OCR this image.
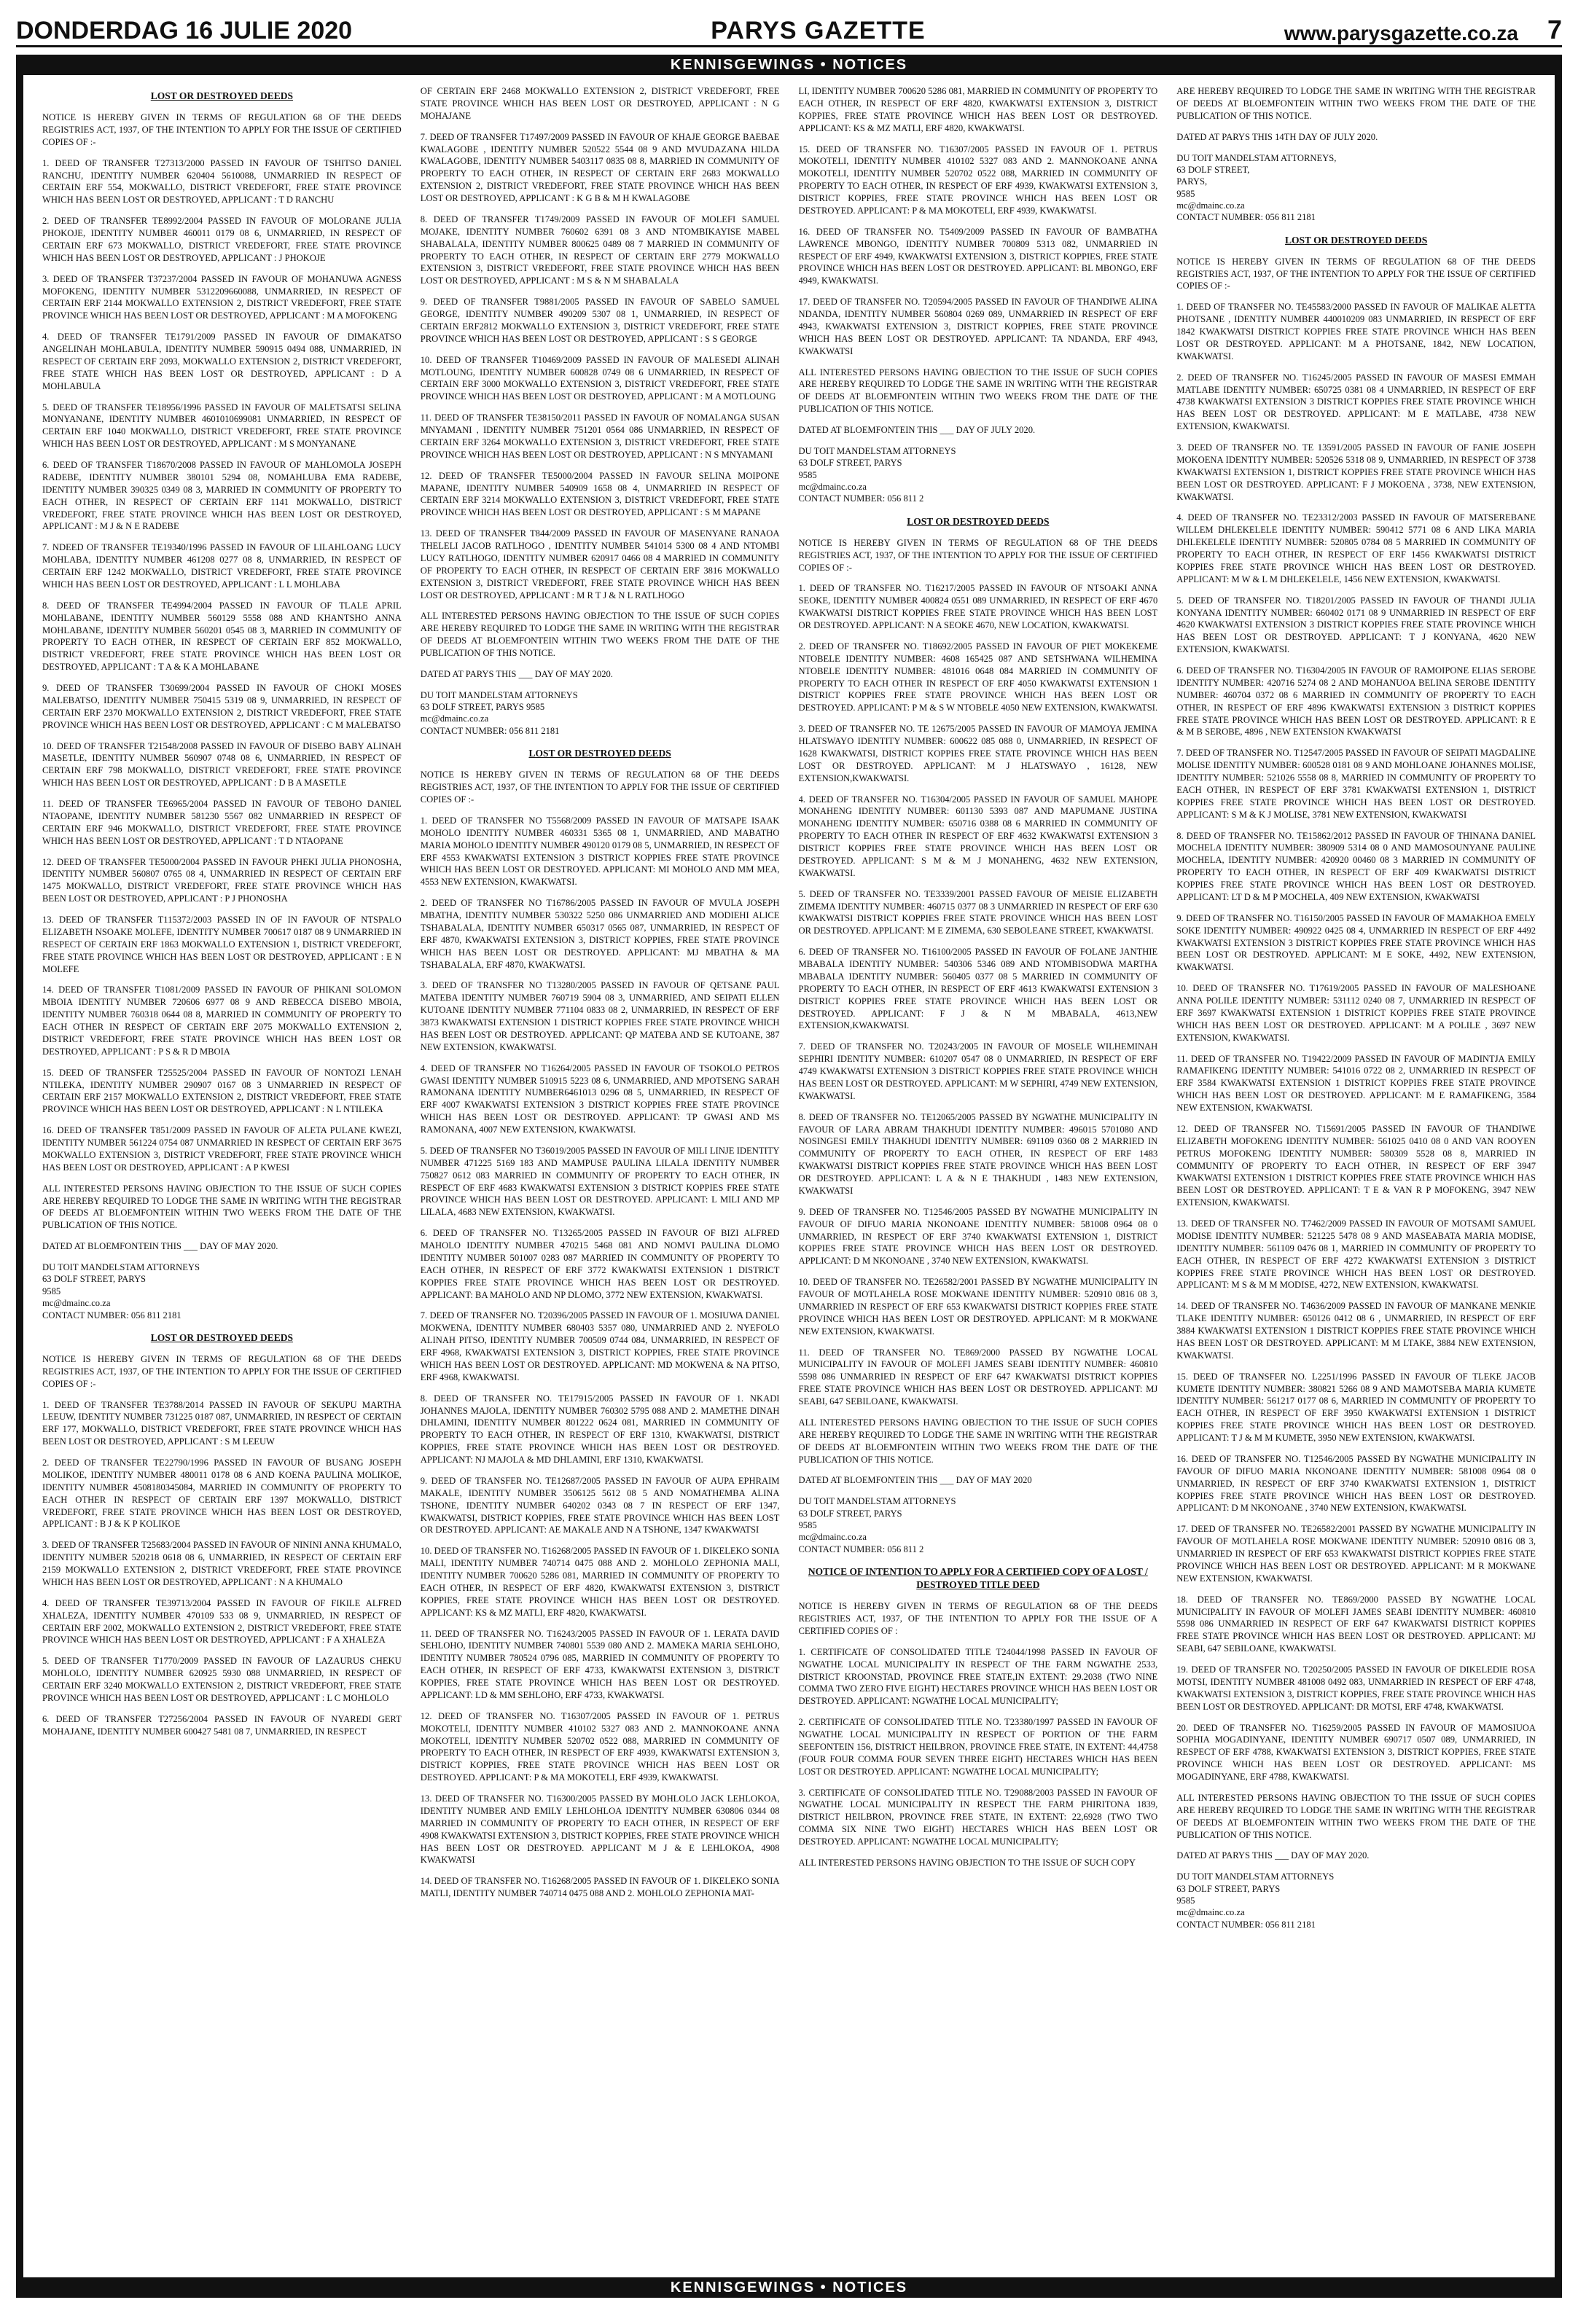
DONDERDAG 16 JULIE 2020	PARYS GAZETTE	www.parysgazette.co.za 7
KENNISGEWINGS • NOTICES
LOST OR DESTROYED DEEDS

NOTICE IS HEREBY GIVEN IN TERMS OF REGULATION 68 OF THE DEEDS REGISTRIES ACT, 1937, OF THE INTENTION TO APPLY FOR THE ISSUE OF CERTIFIED COPIES OF :-

1. DEED OF TRANSFER T27313/2000 PASSED IN FAVOUR OF TSHITSO DANIEL RANCHU, IDENTITY NUMBER 620404 5610088, UNMARRIED IN RESPECT OF CERTAIN ERF 554, MOKWALLO, DISTRICT VREDEFORT, FREE STATE PROVINCE WHICH HAS BEEN LOST OR DESTROYED, APPLICANT : T D RANCHU

2. DEED OF TRANSFER TE8992/2004 PASSED IN FAVOUR OF MOLORANE JULIA PHOKOJE, IDENTITY NUMBER 460011 0179 08 6, UNMARRIED, IN RESPECT OF CERTAIN ERF 673 MOKWALLO, DISTRICT VREDEFORT, FREE STATE PROVINCE WHICH HAS BEEN LOST OR DESTROYED, APPLICANT : J PHOKOJE

3. DEED OF TRANSFER T37237/2004 PASSED IN FAVOUR OF MOHANUWA AGNESS MOFOKENG, IDENTITY NUMBER 5312209660088, UNMARRIED, IN RESPECT OF CERTAIN ERF 2144 MOKWALLO EXTENSION 2, DISTRICT VREDEFORT, FREE STATE PROVINCE WHICH HAS BEEN LOST OR DESTROYED, APPLICANT : M A MOFOKENG

4. DEED OF TRANSFER TE1791/2009 PASSED IN FAVOUR OF DIMAKATSO ANGELINAH MOHLABULA, IDENTITY NUMBER 590915 0494 088, UNMARRIED, IN RESPECT OF CERTAIN ERF 2093, MOKWALLO EXTENSION 2, DISTRICT VREDEFORT, FREE STATE WHICH HAS BEEN LOST OR DESTROYED, APPLICANT : D A MOHLABULA

5. DEED OF TRANSFER TE18956/1996 PASSED IN FAVOUR OF MALETSATSI SELINA MONYANANE, IDENTITY NUMBER 4601010699081 UNMARRIED, IN RESPECT OF CERTAIN ERF 1040 MOKWALLO, DISTRICT VREDEFORT, FREE STATE PROVINCE WHICH HAS BEEN LOST OR DESTROYED, APPLICANT : M S MONYANANE

6. DEED OF TRANSFER T18670/2008 PASSED IN FAVOUR OF MAHLOMOLA JOSEPH RADEBE, IDENTITY NUMBER 380101 5294 08, NOMAHLUBA EMA RADEBE, IDENTITY NUMBER 390325 0349 08 3, MARRIED IN COMMUNITY OF PROPERTY TO EACH OTHER, IN RESPECT OF CERTAIN ERF 1141 MOKWALLO, DISTRICT VREDEFORT, FREE STATE PROVINCE WHICH HAS BEEN LOST OR DESTROYED, APPLICANT : M J & N E RADEBE

7. NDEED OF TRANSFER TE19340/1996 PASSED IN FAVOUR OF LILAHLOANG LUCY MOHLABA, IDENTITY NUMBER 461208 0277 08 8, UNMARRIED, IN RESPECT OF CERTAIN ERF 1242 MOKWALLO, DISTRICT VREDEFORT, FREE STATE PROVINCE WHICH HAS BEEN LOST OR DESTROYED, APPLICANT : L L MOHLABA

8. DEED OF TRANSFER TE4994/2004 PASSED IN FAVOUR OF TLALE APRIL MOHLABANE, IDENTITY NUMBER 560129 5558 088 AND KHANTSHO ANNA MOHLABANE, IDENTITY NUMBER 560201 0545 08 3, MARRIED IN COMMUNITY OF PROPERTY TO EACH OTHER, IN RESPECT OF CERTAIN ERF 852 MOKWALLO, DISTRICT VREDEFORT, FREE STATE PROVINCE WHICH HAS BEEN LOST OR DESTROYED, APPLICANT : T A & K A MOHLABANE

9. DEED OF TRANSFER T30699/2004 PASSED IN FAVOUR OF CHOKI MOSES MALEBATSO, IDENTITY NUMBER 750415 5319 08 9, UNMARRIED, IN RESPECT OF CERTAIN ERF 2370 MOKWALLO EXTENSION 2, DISTRICT VREDEFORT, FREE STATE PROVINCE WHICH HAS BEEN LOST OR DESTROYED, APPLICANT : C M MALEBATSO

10. DEED OF TRANSFER T21548/2008 PASSED IN FAVOUR OF DISEBO BABY ALINAH MASETLE, IDENTITY NUMBER 560907 0748 08 6, UNMARRIED, IN RESPECT OF CERTAIN ERF 798 MOKWALLO, DISTRICT VREDEFORT, FREE STATE PROVINCE WHICH HAS BEEN LOST OR DESTROYED, APPLICANT : D B A MASETLE

11. DEED OF TRANSFER TE6965/2004 PASSED IN FAVOUR OF TEBOHO DANIEL NTAOPANE, IDENTITY NUMBER 581230 5567 082 UNMARRIED IN RESPECT OF CERTAIN ERF 946 MOKWALLO, DISTRICT VREDEFORT, FREE STATE PROVINCE WHICH HAS BEEN LOST OR DESTROYED, APPLICANT : T D NTAOPANE

12. DEED OF TRANSFER TE5000/2004 PASSED IN FAVOUR PHEKI JULIA PHONOSHA, IDENTITY NUMBER 560807 0765 08 4, UNMARRIED IN RESPECT OF CERTAIN ERF 1475 MOKWALLO, DISTRICT VREDEFORT, FREE STATE PROVINCE WHICH HAS BEEN LOST OR DESTROYED, APPLICANT : P J PHONOSHA

13. DEED OF TRANSFER T115372/2003 PASSED IN OF IN FAVOUR OF NTSPALO ELIZABETH NSOAKE MOLEFE, IDENTITY NUMBER 700617 0187 08 9 UNMARRIED IN RESPECT OF CERTAIN ERF 1863 MOKWALLO EXTENSION 1, DISTRICT VREDEFORT, FREE STATE PROVINCE WHICH HAS BEEN LOST OR DESTROYED, APPLICANT : E N MOLEFE

14. DEED OF TRANSFER T1081/2009 PASSED IN FAVOUR OF PHIKANI SOLOMON MBOIA IDENTITY NUMBER 720606 6977 08 9 AND REBECCA DISEBO MBOIA, IDENTITY NUMBER 760318 0644 08 8, MARRIED IN COMMUNITY OF PROPERTY TO EACH OTHER IN RESPECT OF CERTAIN ERF 2075 MOKWALLO EXTENSION 2, DISTRICT VREDEFORT, FREE STATE PROVINCE WHICH HAS BEEN LOST OR DESTROYED, APPLICANT : P S & R D MBOIA

15. DEED OF TRANSFER T25525/2004 PASSED IN FAVOUR OF NONTOZI LENAH NTILEKA, IDENTITY NUMBER 290907 0167 08 3 UNMARRIED IN RESPECT OF CERTAIN ERF 2157 MOKWALLO EXTENSION 2, DISTRICT VREDEFORT, FREE STATE PROVINCE WHICH HAS BEEN LOST OR DESTROYED, APPLICANT : N L NTILEKA

16. DEED OF TRANSFER T851/2009 PASSED IN FAVOUR OF ALETA PULANE KWEZI, IDENTITY NUMBER 561224 0754 087 UNMARRIED IN RESPECT OF CERTAIN ERF 3675 MOKWALLO EXTENSION 3, DISTRICT VREDEFORT, FREE STATE PROVINCE WHICH HAS BEEN LOST OR DESTROYED, APPLICANT : A P KWESI

ALL INTERESTED PERSONS HAVING OBJECTION TO THE ISSUE OF SUCH COPIES ARE HEREBY REQUIRED TO LODGE THE SAME IN WRITING WITH THE REGISTRAR OF DEEDS AT BLOEMFONTEIN WITHIN TWO WEEKS FROM THE DATE OF THE PUBLICATION OF THIS NOTICE.

DATED AT BLOEMFONTEIN THIS ___ DAY OF MAY 2020.

DU TOIT MANDELSTAM ATTORNEYS
63 DOLF STREET, PARYS
9585
mc@dmainc.co.za
CONTACT NUMBER: 056 811 2181
LOST OR DESTROYED DEEDS

NOTICE IS HEREBY GIVEN IN TERMS OF REGULATION 68 OF THE DEEDS REGISTRIES ACT, 1937, OF THE INTENTION TO APPLY FOR THE ISSUE OF CERTIFIED COPIES OF :-

1. DEED OF TRANSFER TE3788/2014 PASSED IN FAVOUR OF SEKUPU MARTHA LEEUW, IDENTITY NUMBER 731225 0187 087, UNMARRIED, IN RESPECT OF CERTAIN ERF 177, MOKWALLO, DISTRICT VREDEFORT, FREE STATE PROVINCE WHICH HAS BEEN LOST OR DESTROYED, APPLICANT : S M LEEUW

2. DEED OF TRANSFER TE22790/1996 PASSED IN FAVOUR OF BUSANG JOSEPH MOLIKOE, IDENTITY NUMBER 480011 0178 08 6 AND KOENA PAULINA MOLIKOE, IDENTITY NUMBER 4508180345084, MARRIED IN COMMUNITY OF PROPERTY TO EACH OTHER IN RESPECT OF CERTAIN ERF 1397 MOKWALLO, DISTRICT VREDEFORT, FREE STATE PROVINCE WHICH HAS BEEN LOST OR DESTROYED, APPLICANT : B J & K P KOLIKOE

3. DEED OF TRANSFER T25683/2004 PASSED IN FAVOUR OF NININI ANNA KHUMALO, IDENTITY NUMBER 520218 0618 08 6, UNMARRIED, IN RESPECT OF CERTAIN ERF 2159 MOKWALLO EXTENSION 2, DISTRICT VREDEFORT, FREE STATE PROVINCE WHICH HAS BEEN LOST OR DESTROYED, APPLICANT : N A KHUMALO

4. DEED OF TRANSFER TE39713/2004 PASSED IN FAVOUR OF FIKILE ALFRED XHALEZA, IDENTITY NUMBER 470109 533 08 9, UNMARRIED, IN RESPECT OF CERTAIN ERF 2002, MOKWALLO EXTENSION 2, DISTRICT VREDEFORT, FREE STATE PROVINCE WHICH HAS BEEN LOST OR DESTROYED, APPLICANT : F A XHALEZA

5. DEED OF TRANSFER T1770/2009 PASSED IN FAVOUR OF LAZAURUS CHEKU MOHLOLO, IDENTITY NUMBER 620925 5930 088 UNMARRIED, IN RESPECT OF CERTAIN ERF 3240 MOKWALLO EXTENSION 2, DISTRICT VREDEFORT, FREE STATE PROVINCE WHICH HAS BEEN LOST OR DESTROYED, APPLICANT : L C MOHLOLO

6. DEED OF TRANSFER T27256/2004 PASSED IN FAVOUR OF NYAREDI GERT MOHAJANE, IDENTITY NUMBER 600427 5481 08 7, UNMARRIED, IN RESPECT

OF CERTAIN ERF 2468 MOKWALLO EXTENSION 2, DISTRICT VREDEFORT, FREE STATE PROVINCE WHICH HAS BEEN LOST OR DESTROYED, APPLICANT : N G MOHAJANE

7. DEED OF TRANSFER T17497/2009 PASSED IN FAVOUR OF KHAJE GEORGE BAEBAE KWALAGOBE , IDENTITY NUMBER 520522 5544 08 9 AND MVUDAZANA HILDA KWALAGOBE, IDENTITY NUMBER 5403117 0835 08 8, MARRIED IN COMMUNITY OF PROPERTY TO EACH OTHER, IN RESPECT OF CERTAIN ERF 2683 MOKWALLO EXTENSION 2, DISTRICT VREDEFORT, FREE STATE PROVINCE WHICH HAS BEEN LOST OR DESTROYED, APPLICANT : K G B & M H KWALAGOBE

8. DEED OF TRANSFER T1749/2009 PASSED IN FAVOUR OF MOLEFI SAMUEL MOJAKE, IDENTITY NUMBER 760602 6391 08 3 AND NTOMBIKAYISE MABEL SHABALALA, IDENTITY NUMBER 800625 0489 08 7 MARRIED IN COMMUNITY OF PROPERTY TO EACH OTHER, IN RESPECT OF CERTAIN ERF 2779 MOKWALLO EXTENSION 3, DISTRICT VREDEFORT, FREE STATE PROVINCE WHICH HAS BEEN LOST OR DESTROYED, APPLICANT : M S & N M SHABALALA

9. DEED OF TRANSFER T9881/2005 PASSED IN FAVOUR OF SABELO SAMUEL GEORGE, IDENTITY NUMBER 490209 5307 08 1, UNMARRIED, IN RESPECT OF CERTAIN ERF2812 MOKWALLO EXTENSION 3, DISTRICT VREDEFORT, FREE STATE PROVINCE WHICH HAS BEEN LOST OR DESTROYED, APPLICANT : S S GEORGE

10. DEED OF TRANSFER T10469/2009 PASSED IN FAVOUR OF MALESEDI ALINAH MOTLOUNG, IDENTITY NUMBER 600828 0749 08 6 UNMARRIED, IN RESPECT OF CERTAIN ERF 3000 MOKWALLO EXTENSION 3, DISTRICT VREDEFORT, FREE STATE PROVINCE WHICH HAS BEEN LOST OR DESTROYED, APPLICANT : M A MOTLOUNG

11. DEED OF TRANSFER TE38150/2011 PASSED IN FAVOUR OF NOMALANGA SUSAN MNYAMANI , IDENTITY NUMBER 751201 0564 086 UNMARRIED, IN RESPECT OF CERTAIN ERF 3264 MOKWALLO EXTENSION 3, DISTRICT VREDEFORT, FREE STATE PROVINCE WHICH HAS BEEN LOST OR DESTROYED, APPLICANT : N S MNYAMANI

12. DEED OF TRANSFER TE5000/2004 PASSED IN FAVOUR SELINA MOIPONE MAPANE, IDENTITY NUMBER 540909 1658 08 4, UNMARRIED IN RESPECT OF CERTAIN ERF 3214 MOKWALLO EXTENSION 3, DISTRICT VREDEFORT, FREE STATE PROVINCE WHICH HAS BEEN LOST OR DESTROYED, APPLICANT : S M MAPANE

13. DEED OF TRANSFER T844/2009 PASSED IN FAVOUR OF MASENYANE RANAOA THELELI JACOB RATLHOGO , IDENTITY NUMBER 541014 5300 08 4 AND NTOMBI LUCY RATLHOGO, IDENTITY NUMBER 620917 0466 08 4 MARRIED IN COMMUNITY OF PROPERTY TO EACH OTHER, IN RESPECT OF CERTAIN ERF 3816 MOKWALLO EXTENSION 3, DISTRICT VREDEFORT, FREE STATE PROVINCE WHICH HAS BEEN LOST OR DESTROYED, APPLICANT : M R T J & N L RATLHOGO

ALL INTERESTED PERSONS HAVING OBJECTION TO THE ISSUE OF SUCH COPIES ARE HEREBY REQUIRED TO LODGE THE SAME IN WRITING WITH THE REGISTRAR OF DEEDS AT BLOEMFONTEIN WITHIN TWO WEEKS FROM THE DATE OF THE PUBLICATION OF THIS NOTICE.

DATED AT PARYS THIS ___ DAY OF MAY 2020.

DU TOIT MANDELSTAM ATTORNEYS
63 DOLF STREET, PARYS 9585
mc@dmainc.co.za
CONTACT NUMBER: 056 811 2181
LOST OR DESTROYED DEEDS

NOTICE IS HEREBY GIVEN IN TERMS OF REGULATION 68 OF THE DEEDS REGISTRIES ACT, 1937, OF THE INTENTION TO APPLY FOR THE ISSUE OF CERTIFIED COPIES OF :-

1. DEED OF TRANSFER NO T5568/2009 PASSED IN FAVOUR OF MATSAPE ISAAK MOHOLO IDENTITY NUMBER 460331 5365 08 1, UNMARRIED, AND MABATHO MARIA MOHOLO IDENTITY NUMBER 490120 0179 08 5, UNMARRIED, IN RESPECT OF ERF 4553 KWAKWATSI EXTENSION 3 DISTRICT KOPPIES FREE STATE PROVINCE WHICH HAS BEEN LOST OR DESTROYED. APPLICANT: MI MOHOLO AND MM MEA, 4553 NEW EXTENSION, KWAKWATSI.

2. DEED OF TRANSFER NO T16786/2005 PASSED IN FAVOUR OF MVULA JOSEPH MBATHA, IDENTITY NUMBER 530322 5250 086 UNMARRIED AND MODIEHI ALICE TSHABALALA, IDENTITY NUMBER 650317 0565 087, UNMARRIED, IN RESPECT OF ERF 4870, KWAKWATSI EXTENSION 3, DISTRICT KOPPIES, FREE STATE PROVINCE WHICH HAS BEEN LOST OR DESTROYED. APPLICANT: MJ MBATHA & MA TSHABALALA, ERF 4870, KWAKWATSI.

3. DEED OF TRANSFER NO T13280/2005 PASSED IN FAVOUR OF QETSANE PAUL MATEBA IDENTITY NUMBER 760719 5904 08 3, UNMARRIED, AND SEIPATI ELLEN KUTOANE IDENTITY NUMBER 771104 0833 08 2, UNMARRIED, IN RESPECT OF ERF 3873 KWAKWATSI EXTENSION 1 DISTRICT KOPPIES FREE STATE PROVINCE WHICH HAS BEEN LOST OR DESTROYED. APPLICANT: QP MATEBA AND SE KUTOANE, 387 NEW EXTENSION, KWAKWATSI.

4. DEED OF TRANSFER NO T16264/2005 PASSED IN FAVOUR OF TSOKOLO PETROS GWASI IDENTITY NUMBER 510915 5223 08 6, UNMARRIED, AND MPOTSENG SARAH RAMONANA IDENTITY NUMBER6461013 0296 08 5, UNMARRIED, IN RESPECT OF ERF 4007 KWAKWATSI EXTENSION 3 DISTRICT KOPPIES FREE STATE PROVINCE WHICH HAS BEEN LOST OR DESTROYED. APPLICANT: TP GWASI AND MS RAMONANA, 4007 NEW EXTENSION, KWAKWATSI.

5. DEED OF TRANSFER NO T36019/2005 PASSED IN FAVOUR OF MILI LINJE IDENTITY NUMBER 471225 5169 183 AND MAMPUSE PAULINA LILALA IDENTITY NUMBER 750827 0612 083 MARRIED IN COMMUNITY OF PROPERTY TO EACH OTHER, IN RESPECT OF ERF 4683 KWAKWATSI EXTENSION 3 DISTRICT KOPPIES FREE STATE PROVINCE WHICH HAS BEEN LOST OR DESTROYED. APPLICANT: L MILI AND MP LILALA, 4683 NEW EXTENSION, KWAKWATSI.

6. DEED OF TRANSFER NO. T13265/2005 PASSED IN FAVOUR OF BIZI ALFRED MAHOLO IDENTITY NUMBER 470215 5468 081 AND NOMVI PAULINA DLOMO IDENTITY NUMBER 501007 0283 087 MARRIED IN COMMUNITY OF PROPERTY TO EACH OTHER, IN RESPECT OF ERF 3772 KWAKWATSI EXTENSION 1 DISTRICT KOPPIES FREE STATE PROVINCE WHICH HAS BEEN LOST OR DESTROYED. APPLICANT: BA MAHOLO AND NP DLOMO, 3772 NEW EXTENSION, KWAKWATSI.

7. DEED OF TRANSFER NO. T20396/2005 PASSED IN FAVOUR OF 1. MOSIUWA DANIEL MOKWENA, IDENTITY NUMBER 680403 5357 080, UNMARRIED AND 2. NYEFOLO ALINAH PITSO, IDENTITY NUMBER 700509 0744 084, UNMARRIED, IN RESPECT OF ERF 4968, KWAKWATSI EXTENSION 3, DISTRICT KOPPIES, FREE STATE PROVINCE WHICH HAS BEEN LOST OR DESTROYED. APPLICANT: MD MOKWENA & NA PITSO, ERF 4968, KWAKWATSI.

8. DEED OF TRANSFER NO. TE17915/2005 PASSED IN FAVOUR OF 1. NKADI JOHANNES MAJOLA, IDENTITY NUMBER 760302 5795 088 AND 2. MAMETHE DINAH DHLAMINI, IDENTITY NUMBER 801222 0624 081, MARRIED IN COMMUNITY OF PROPERTY TO EACH OTHER, IN RESPECT OF ERF 1310, KWAKWATSI, DISTRICT KOPPIES, FREE STATE PROVINCE WHICH HAS BEEN LOST OR DESTROYED. APPLICANT: NJ MAJOLA & MD DHLAMINI, ERF 1310, KWAKWATSI.

9. DEED OF TRANSFER NO. TE12687/2005 PASSED IN FAVOUR OF AUPA EPHRAIM MAKALE, IDENTITY NUMBER 3506125 5612 08 5 AND NOMATHEMBA ALINA TSHONE, IDENTITY NUMBER 640202 0343 08 7 IN RESPECT OF ERF 1347, KWAKWATSI, DISTRICT KOPPIES, FREE STATE PROVINCE WHICH HAS BEEN LOST OR DESTROYED. APPLICANT: AE MAKALE AND N A TSHONE, 1347 KWAKWATSI

10. DEED OF TRANSFER NO. T16268/2005 PASSED IN FAVOUR OF 1. DIKELEKO SONIA MALI, IDENTITY NUMBER 740714 0475 088 AND 2. MOHLOLO ZEPHONIA MALI, IDENTITY NUMBER 700620 5286 081, MARRIED IN COMMUNITY OF PROPERTY TO EACH OTHER, IN RESPECT OF ERF 4820, KWAKWATSI EXTENSION 3, DISTRICT KOPPIES, FREE STATE PROVINCE WHICH HAS BEEN LOST OR DESTROYED. APPLICANT: KS & MZ MATLI, ERF 4820, KWAKWATSI.

11. DEED OF TRANSFER NO. T16243/2005 PASSED IN FAVOUR OF 1. LERATA DAVID SEHLOHO, IDENTITY NUMBER 740801 5539 080 AND 2. MAMEKA MARIA SEHLOHO, IDENTITY NUMBER 780524 0796 085, MARRIED IN COMMUNITY OF PROPERTY TO EACH OTHER, IN RESPECT OF ERF 4733, KWAKWATSI EXTENSION 3, DISTRICT KOPPIES, FREE STATE PROVINCE WHICH HAS BEEN LOST OR DESTROYED. APPLICANT: LD & MM SEHLOHO, ERF 4733, KWAKWATSI.

12. DEED OF TRANSFER NO. T16307/2005 PASSED IN FAVOUR OF 1. PETRUS MOKOTELI, IDENTITY NUMBER 410102 5327 083 AND 2. MANNOKOANE ANNA MOKOTELI, IDENTITY NUMBER 520702 0522 088, MARRIED IN COMMUNITY OF PROPERTY TO EACH OTHER, IN RESPECT OF ERF 4939, KWAKWATSI EXTENSION 3, DISTRICT KOPPIES, FREE STATE PROVINCE WHICH HAS BEEN LOST OR DESTROYED. APPLICANT: P & MA MOKOTELI, ERF 4939, KWAKWATSI.

13. DEED OF TRANSFER NO. T16300/2005 PASSED BY MOHLOLO JACK LEHLOKOA, IDENTITY NUMBER AND EMILY LEHLOHLOA IDENTITY NUMBER 630806 0344 08 MARRIED IN COMMUNITY OF PROPERTY TO EACH OTHER, IN RESPECT OF ERF 4908 KWAKWATSI EXTENSION 3, DISTRICT KOPPIES, FREE STATE PROVINCE WHICH HAS BEEN LOST OR DESTROYED. APPLICANT M J & E LEHLOKOA, 4908 KWAKWATSI

14. DEED OF TRANSFER NO. T16268/2005 PASSED IN FAVOUR OF 1. DIKELEKO SONIA MATLI, IDENTITY NUMBER 740714 0475 088 AND 2. MOHLOLO ZEPHONIA MAT-

LI, IDENTITY NUMBER 700620 5286 081, MARRIED IN COMMUNITY OF PROPERTY TO EACH OTHER, IN RESPECT OF ERF 4820, KWAKWATSI EXTENSION 3, DISTRICT KOPPIES, FREE STATE PROVINCE WHICH HAS BEEN LOST OR DESTROYED. APPLICANT: KS & MZ MATLI, ERF 4820, KWAKWATSI.

15. DEED OF TRANSFER NO. T16307/2005 PASSED IN FAVOUR OF 1. PETRUS MOKOTELI, IDENTITY NUMBER 410102 5327 083 AND 2. MANNOKOANE ANNA MOKOTELI, IDENTITY NUMBER 520702 0522 088, MARRIED IN COMMUNITY OF PROPERTY TO EACH OTHER, IN RESPECT OF ERF 4939, KWAKWATSI EXTENSION 3, DISTRICT KOPPIES, FREE STATE PROVINCE WHICH HAS BEEN LOST OR DESTROYED. APPLICANT: P & MA MOKOTELI, ERF 4939, KWAKWATSI.

16. DEED OF TRANSFER NO. T5409/2009 PASSED IN FAVOUR OF BAMBATHA LAWRENCE MBONGO, IDENTITY NUMBER 700809 5313 082, UNMARRIED IN RESPECT OF ERF 4949, KWAKWATSI EXTENSION 3, DISTRICT KOPPIES, FREE STATE PROVINCE WHICH HAS BEEN LOST OR DESTROYED. APPLICANT: BL MBONGO, ERF 4949, KWAKWATSI.

17. DEED OF TRANSFER NO. T20594/2005 PASSED IN FAVOUR OF THANDIWE ALINA NDANDA, IDENTITY NUMBER 560804 0269 089, UNMARRIED IN RESPECT OF ERF 4943, KWAKWATSI EXTENSION 3, DISTRICT KOPPIES, FREE STATE PROVINCE WHICH HAS BEEN LOST OR DESTROYED. APPLICANT: TA NDANDA, ERF 4943, KWAKWATSI

ALL INTERESTED PERSONS HAVING OBJECTION TO THE ISSUE OF SUCH COPIES ARE HEREBY REQUIRED TO LODGE THE SAME IN WRITING WITH THE REGISTRAR OF DEEDS AT BLOEMFONTEIN WITHIN TWO WEEKS FROM THE DATE OF THE PUBLICATION OF THIS NOTICE.

DATED AT BLOEMFONTEIN THIS ___ DAY OF JULY 2020.

DU TOIT MANDELSTAM ATTORNEYS
63 DOLF STREET, PARYS
9585
mc@dmainc.co.za
CONTACT NUMBER: 056 811 2
LOST OR DESTROYED DEEDS

NOTICE IS HEREBY GIVEN IN TERMS OF REGULATION 68 OF THE DEEDS REGISTRIES ACT, 1937, OF THE INTENTION TO APPLY FOR THE ISSUE OF CERTIFIED COPIES OF :-

1. DEED OF TRANSFER NO. T16217/2005 PASSED IN FAVOUR OF NTSOAKI ANNA SEOKE, IDENTITY NUMBER 400824 0551 089 UNMARRIED, IN RESPECT OF ERF 4670 KWAKWATSI DISTRICT KOPPIES FREE STATE PROVINCE WHICH HAS BEEN LOST OR DESTROYED. APPLICANT: N A SEOKE 4670, NEW LOCATION, KWAKWATSI.

2. DEED OF TRANSFER NO. T18692/2005 PASSED IN FAVOUR OF PIET MOKEKEME NTOBELE IDENTITY NUMBER: 4608 165425 087 AND SETSHWANA WILHEMINA NTOBELE IDENTITY NUMBER: 481016 0648 084 MARRIED IN COMMUNITY OF PROPERTY TO EACH OTHER IN RESPECT OF ERF 4050 KWAKWATSI EXTENSION 1 DISTRICT KOPPIES FREE STATE PROVINCE WHICH HAS BEEN LOST OR DESTROYED. APPLICANT: P M & S W NTOBELE 4050 NEW EXTENSION, KWAKWATSI.

3. DEED OF TRANSFER NO. TE 12675/2005 PASSED IN FAVOUR OF MAMOYA JEMINA HLATSWAYO IDENTITY NUMBER: 600622 085 088 0, UNMARRIED, IN RESPECT OF 1628 KWAKWATSI, DISTRICT KOPPIES FREE STATE PROVINCE WHICH HAS BEEN LOST OR DESTROYED. APPLICANT: M J HLATSWAYO , 16128, NEW EXTENSION,KWAKWATSI.

4. DEED OF TRANSFER NO. T16304/2005 PASSED IN FAVOUR OF SAMUEL MAHOPE MONAHENG IDENTITY NUMBER: 601130 5393 087 AND MAPUMANE JUSTINA MONAHENG IDENTITY NUMBER: 650716 0388 08 6 MARRIED IN COMMUNITY OF PROPERTY TO EACH OTHER IN RESPECT OF ERF 4632 KWAKWATSI EXTENSION 3 DISTRICT KOPPIES FREE STATE PROVINCE WHICH HAS BEEN LOST OR DESTROYED. APPLICANT: S M & M J MONAHENG, 4632 NEW EXTENSION, KWAKWATSI.

5. DEED OF TRANSFER NO. TE3339/2001 PASSED FAVOUR OF MEISIE ELIZABETH ZIMEMA IDENTITY NUMBER: 460715 0377 08 3 UNMARRIED IN RESPECT OF ERF 630 KWAKWATSI DISTRICT KOPPIES FREE STATE PROVINCE WHICH HAS BEEN LOST OR DESTROYED. APPLICANT: M E ZIMEMA, 630 SEBOLEANE STREET, KWAKWATSI.

6. DEED OF TRANSFER NO. T16100/2005 PASSED IN FAVOUR OF FOLANE JANTHIE MBABALA IDENTITY NUMBER: 540306 5346 089 AND NTOMBISODWA MARTHA MBABALA IDENTITY NUMBER: 560405 0377 08 5 MARRIED IN COMMUNITY OF PROPERTY TO EACH OTHER, IN RESPECT OF ERF 4613 KWAKWATSI EXTENSION 3 DISTRICT KOPPIES FREE STATE PROVINCE WHICH HAS BEEN LOST OR DESTROYED. APPLICANT: F J & N M MBABALA, 4613,NEW EXTENSION,KWAKWATSI.

7. DEED OF TRANSFER NO. T20243/2005 IN FAVOUR OF MOSELE WILHEMINAH SEPHIRI IDENTITY NUMBER: 610207 0547 08 0 UNMARRIED, IN RESPECT OF ERF 4749 KWAKWATSI EXTENSION 3 DISTRICT KOPPIES FREE STATE PROVINCE WHICH HAS BEEN LOST OR DESTROYED. APPLICANT: M W SEPHIRI, 4749 NEW EXTENSION, KWAKWATSI.

8. DEED OF TRANSFER NO. TE12065/2005 PASSED BY NGWATHE MUNICIPALITY IN FAVOUR OF LARA ABRAM THAKHUDI IDENTITY NUMBER: 496015 5701080 AND NOSINGESI EMILY THAKHUDI IDENTITY NUMBER: 691109 0360 08 2 MARRIED IN COMMUNITY OF PROPERTY TO EACH OTHER, IN RESPECT OF ERF 1483 KWAKWATSI DISTRICT KOPPIES FREE STATE PROVINCE WHICH HAS BEEN LOST OR DESTROYED. APPLICANT: L A & N E THAKHUDI , 1483 NEW EXTENSION, KWAKWATSI

9. DEED OF TRANSFER NO. T12546/2005 PASSED BY NGWATHE MUNICIPALITY IN FAVOUR OF DIFUO MARIA NKONOANE IDENTITY NUMBER: 581008 0964 08 0 UNMARRIED, IN RESPECT OF ERF 3740 KWAKWATSI EXTENSION 1, DISTRICT KOPPIES FREE STATE PROVINCE WHICH HAS BEEN LOST OR DESTROYED. APPLICANT: D M NKONOANE , 3740 NEW EXTENSION, KWAKWATSI.

10. DEED OF TRANSFER NO. TE26582/2001 PASSED BY NGWATHE MUNICIPALITY IN FAVOUR OF MOTLAHELA ROSE MOKWANE IDENTITY NUMBER: 520910 0816 08 3, UNMARRIED IN RESPECT OF ERF 653 KWAKWATSI DISTRICT KOPPIES FREE STATE PROVINCE WHICH HAS BEEN LOST OR DESTROYED. APPLICANT: M R MOKWANE NEW EXTENSION, KWAKWATSI.

11. DEED OF TRANSFER NO. TE869/2000 PASSED BY NGWATHE LOCAL MUNICIPALITY IN FAVOUR OF MOLEFI JAMES SEABI IDENTITY NUMBER: 460810 5598 086 UNMARRIED IN RESPECT OF ERF 647 KWAKWATSI DISTRICT KOPPIES FREE STATE PROVINCE WHICH HAS BEEN LOST OR DESTROYED. APPLICANT: MJ SEABI, 647 SEBILOANE, KWAKWATSI.

ALL INTERESTED PERSONS HAVING OBJECTION TO THE ISSUE OF SUCH COPIES ARE HEREBY REQUIRED TO LODGE THE SAME IN WRITING WITH THE REGISTRAR OF DEEDS AT BLOEMFONTEIN WITHIN TWO WEEKS FROM THE DATE OF THE PUBLICATION OF THIS NOTICE.

DATED AT BLOEMFONTEIN THIS ___ DAY OF MAY 2020

DU TOIT MANDELSTAM ATTORNEYS
63 DOLF STREET, PARYS
9585
mc@dmainc.co.za
CONTACT NUMBER: 056 811 2
NOTICE OF INTENTION TO APPLY FOR A CERTIFIED COPY OF A LOST / DESTROYED TITLE DEED

NOTICE IS HEREBY GIVEN IN TERMS OF REGULATION 68 OF THE DEEDS REGISTRIES ACT, 1937, OF THE INTENTION TO APPLY FOR THE ISSUE OF A CERTIFIED COPIES OF :

1. CERTIFICATE OF CONSOLIDATED TITLE T24044/1998 PASSED IN FAVOUR OF NGWATHE LOCAL MUNICIPALITY IN RESPECT OF THE FARM NGWATHE 2533, DISTRICT KROONSTAD, PROVINCE FREE STATE,IN EXTENT: 29.2038 (TWO NINE COMMA TWO ZERO FIVE EIGHT) HECTARES PROVINCE WHICH HAS BEEN LOST OR DESTROYED. APPLICANT: NGWATHE LOCAL MUNICIPALITY;

2. CERTIFICATE OF CONSOLIDATED TITLE NO. T23380/1997 PASSED IN FAVOUR OF NGWATHE LOCAL MUNICIPALITY IN RESPECT OF PORTION OF THE FARM SEEFONTEIN 156, DISTRICT HEILBRON, PROVINCE FREE STATE, IN EXTENT: 44,4758 (FOUR FOUR COMMA FOUR SEVEN THREE EIGHT) HECTARES WHICH HAS BEEN LOST OR DESTROYED. APPLICANT: NGWATHE LOCAL MUNICIPALITY;

3. CERTIFICATE OF CONSOLIDATED TITLE NO. T29088/2003 PASSED IN FAVOUR OF NGWATHE LOCAL MUNICIPALITY IN RESPECT THE FARM PHIRITONA 1839, DISTRICT HEILBRON, PROVINCE FREE STATE, IN EXTENT: 22,6928 (TWO TWO COMMA SIX NINE TWO EIGHT) HECTARES WHICH HAS BEEN LOST OR DESTROYED. APPLICANT: NGWATHE LOCAL MUNICIPALITY;

ALL INTERESTED PERSONS HAVING OBJECTION TO THE ISSUE OF SUCH COPY

ARE HEREBY REQUIRED TO LODGE THE SAME IN WRITING WITH THE REGISTRAR OF DEEDS AT BLOEMFONTEIN WITHIN TWO WEEKS FROM THE DATE OF THE PUBLICATION OF THIS NOTICE.

DATED AT PARYS THIS 14TH DAY OF JULY 2020.

DU TOIT MANDELSTAM ATTORNEYS,
63 DOLF STREET,
PARYS,
9585
mc@dmainc.co.za
CONTACT NUMBER: 056 811 2181
LOST OR DESTROYED DEEDS

NOTICE IS HEREBY GIVEN IN TERMS OF REGULATION 68 OF THE DEEDS REGISTRIES ACT, 1937, OF THE INTENTION TO APPLY FOR THE ISSUE OF CERTIFIED COPIES OF :-

1. DEED OF TRANSFER NO. TE45583/2000 PASSED IN FAVOUR OF MALIKAE ALETTA PHOTSANE , IDENTITY NUMBER 440010209 083 UNMARRIED, IN RESPECT OF ERF 1842 KWAKWATSI DISTRICT KOPPIES FREE STATE PROVINCE WHICH HAS BEEN LOST OR DESTROYED. APPLICANT: M A PHOTSANE, 1842, NEW LOCATION, KWAKWATSI.

2. DEED OF TRANSFER NO. T16245/2005 PASSED IN FAVOUR OF MASESI EMMAH MATLABE IDENTITY NUMBER: 650725 0381 08 4 UNMARRIED, IN RESPECT OF ERF 4738 KWAKWATSI EXTENSION 3 DISTRICT KOPPIES FREE STATE PROVINCE WHICH HAS BEEN LOST OR DESTROYED. APPLICANT: M E MATLABE, 4738 NEW EXTENSION, KWAKWATSI.

3. DEED OF TRANSFER NO. TE 13591/2005 PASSED IN FAVOUR OF FANIE JOSEPH MOKOENA IDENTITY NUMBER: 520526 5318 08 9, UNMARRIED, IN RESPECT OF 3738 KWAKWATSI EXTENSION 1, DISTRICT KOPPIES FREE STATE PROVINCE WHICH HAS BEEN LOST OR DESTROYED. APPLICANT: F J MOKOENA , 3738, NEW EXTENSION, KWAKWATSI.

4. DEED OF TRANSFER NO. TE23312/2003 PASSED IN FAVOUR OF MATSEREBANE WILLEM DHLEKELELE IDENTITY NUMBER: 590412 5771 08 6 AND LIKA MARIA DHLEKELELE IDENTITY NUMBER: 520805 0784 08 5 MARRIED IN COMMUNITY OF PROPERTY TO EACH OTHER, IN RESPECT OF ERF 1456 KWAKWATSI DISTRICT KOPPIES FREE STATE PROVINCE WHICH HAS BEEN LOST OR DESTROYED. APPLICANT: M W & L M DHLEKELELE, 1456 NEW EXTENSION, KWAKWATSI.

5. DEED OF TRANSFER NO. T18201/2005 PASSED IN FAVOUR OF THANDI JULIA KONYANA IDENTITY NUMBER: 660402 0171 08 9 UNMARRIED IN RESPECT OF ERF 4620 KWAKWATSI EXTENSION 3 DISTRICT KOPPIES FREE STATE PROVINCE WHICH HAS BEEN LOST OR DESTROYED. APPLICANT: T J KONYANA, 4620 NEW EXTENSION, KWAKWATSI.

6. DEED OF TRANSFER NO. T16304/2005 IN FAVOUR OF RAMOIPONE ELIAS SEROBE IDENTITY NUMBER: 420716 5274 08 2 AND MOHANUOA BELINA SEROBE IDENTITY NUMBER: 460704 0372 08 6 MARRIED IN COMMUNITY OF PROPERTY TO EACH OTHER, IN RESPECT OF ERF 4896 KWAKWATSI EXTENSION 3 DISTRICT KOPPIES FREE STATE PROVINCE WHICH HAS BEEN LOST OR DESTROYED. APPLICANT: R E & M B SEROBE, 4896 , NEW EXTENSION KWAKWATSI

7. DEED OF TRANSFER NO. T12547/2005 PASSED IN FAVOUR OF SEIPATI MAGDALINE MOLISE IDENTITY NUMBER: 600528 0181 08 9 AND MOHLOANE JOHANNES MOLISE, IDENTITY NUMBER: 521026 5558 08 8, MARRIED IN COMMUNITY OF PROPERTY TO EACH OTHER, IN RESPECT OF ERF 3781 KWAKWATSI EXTENSION 1, DISTRICT KOPPIES FREE STATE PROVINCE WHICH HAS BEEN LOST OR DESTROYED. APPLICANT: S M & K J MOLISE, 3781 NEW EXTENSION, KWAKWATSI

8. DEED OF TRANSFER NO. TE15862/2012 PASSED IN FAVOUR OF THINANA DANIEL MOCHELA IDENTITY NUMBER: 380909 5314 08 0 AND MAMOSOUNYANE PAULINE MOCHELA, IDENTITY NUMBER: 420920 00460 08 3 MARRIED IN COMMUNITY OF PROPERTY TO EACH OTHER, IN RESPECT OF ERF 409 KWAKWATSI DISTRICT KOPPIES FREE STATE PROVINCE WHICH HAS BEEN LOST OR DESTROYED. APPLICANT: LT D & M P MOCHELA, 409 NEW EXTENSION, KWAKWATSI

9. DEED OF TRANSFER NO. T16150/2005 PASSED IN FAVOUR OF MAMAKHOA EMELY SOKE IDENTITY NUMBER: 490922 0425 08 4, UNMARRIED IN RESPECT OF ERF 4492 KWAKWATSI EXTENSION 3 DISTRICT KOPPIES FREE STATE PROVINCE WHICH HAS BEEN LOST OR DESTROYED. APPLICANT: M E SOKE, 4492, NEW EXTENSION, KWAKWATSI.

10. DEED OF TRANSFER NO. T17619/2005 PASSED IN FAVOUR OF MALESHOANE ANNA POLILE IDENTITY NUMBER: 531112 0240 08 7, UNMARRIED IN RESPECT OF ERF 3697 KWAKWATSI EXTENSION 1 DISTRICT KOPPIES FREE STATE PROVINCE WHICH HAS BEEN LOST OR DESTROYED. APPLICANT: M A POLILE , 3697 NEW EXTENSION, KWAKWATSI.

11. DEED OF TRANSFER NO. T19422/2009 PASSED IN FAVOUR OF MADINTJA EMILY RAMAFIKENG IDENTITY NUMBER: 541016 0722 08 2, UNMARRIED IN RESPECT OF ERF 3584 KWAKWATSI EXTENSION 1 DISTRICT KOPPIES FREE STATE PROVINCE WHICH HAS BEEN LOST OR DESTROYED. APPLICANT: M E RAMAFIKENG, 3584 NEW EXTENSION, KWAKWATSI.

12. DEED OF TRANSFER NO. T15691/2005 PASSED IN FAVOUR OF THANDIWE ELIZABETH MOFOKENG IDENTITY NUMBER: 561025 0410 08 0 AND VAN ROOYEN PETRUS MOFOKENG IDENTITY NUMBER: 580309 5528 08 8, MARRIED IN COMMUNITY OF PROPERTY TO EACH OTHER, IN RESPECT OF ERF 3947 KWAKWATSI EXTENSION 1 DISTRICT KOPPIES FREE STATE PROVINCE WHICH HAS BEEN LOST OR DESTROYED. APPLICANT: T E & VAN R P MOFOKENG, 3947 NEW EXTENSION, KWAKWATSI.

13. DEED OF TRANSFER NO. T7462/2009 PASSED IN FAVOUR OF MOTSAMI SAMUEL MODISE IDENTITY NUMBER: 521225 5478 08 9 AND MASEABATA MARIA MODISE, IDENTITY NUMBER: 561109 0476 08 1, MARRIED IN COMMUNITY OF PROPERTY TO EACH OTHER, IN RESPECT OF ERF 4272 KWAKWATSI EXTENSION 3 DISTRICT KOPPIES FREE STATE PROVINCE WHICH HAS BEEN LOST OR DESTROYED. APPLICANT: M S & M M MODISE, 4272, NEW EXTENSION, KWAKWATSI.

14. DEED OF TRANSFER NO. T4636/2009 PASSED IN FAVOUR OF MANKANE MENKIE TLAKE IDENTITY NUMBER: 650126 0412 08 6 , UNMARRIED, IN RESPECT OF ERF 3884 KWAKWATSI EXTENSION 1 DISTRICT KOPPIES FREE STATE PROVINCE WHICH HAS BEEN LOST OR DESTROYED. APPLICANT: M M LTAKE, 3884 NEW EXTENSION, KWAKWATSI.

15. DEED OF TRANSFER NO. L2251/1996 PASSED IN FAVOUR OF TLEKE JACOB KUMETE IDENTITY NUMBER: 380821 5266 08 9 AND MAMOTSEBA MARIA KUMETE IDENTITY NUMBER: 561217 0177 08 6, MARRIED IN COMMUNITY OF PROPERTY TO EACH OTHER, IN RESPECT OF ERF 3950 KWAKWATSI EXTENSION 1 DISTRICT KOPPIES FREE STATE PROVINCE WHICH HAS BEEN LOST OR DESTROYED. APPLICANT: T J & M M KUMETE, 3950 NEW EXTENSION, KWAKWATSI.

16. DEED OF TRANSFER NO. T12546/2005 PASSED BY NGWATHE MUNICIPALITY IN FAVOUR OF DIFUO MARIA NKONOANE IDENTITY NUMBER: 581008 0964 08 0 UNMARRIED, IN RESPECT OF ERF 3740 KWAKWATSI EXTENSION 1, DISTRICT KOPPIES FREE STATE PROVINCE WHICH HAS BEEN LOST OR DESTROYED. APPLICANT: D M NKONOANE , 3740 NEW EXTENSION, KWAKWATSI.

17. DEED OF TRANSFER NO. TE26582/2001 PASSED BY NGWATHE MUNICIPALITY IN FAVOUR OF MOTLAHELA ROSE MOKWANE IDENTITY NUMBER: 520910 0816 08 3, UNMARRIED IN RESPECT OF ERF 653 KWAKWATSI DISTRICT KOPPIES FREE STATE PROVINCE WHICH HAS BEEN LOST OR DESTROYED. APPLICANT: M R MOKWANE NEW EXTENSION, KWAKWATSI.

18. DEED OF TRANSFER NO. TE869/2000 PASSED BY NGWATHE LOCAL MUNICIPALITY IN FAVOUR OF MOLEFI JAMES SEABI IDENTITY NUMBER: 460810 5598 086 UNMARRIED IN RESPECT OF ERF 647 KWAKWATSI DISTRICT KOPPIES FREE STATE PROVINCE WHICH HAS BEEN LOST OR DESTROYED. APPLICANT: MJ SEABI, 647 SEBILOANE, KWAKWATSI.

19. DEED OF TRANSFER NO. T20250/2005 PASSED IN FAVOUR OF DIKELEDIE ROSA MOTSI, IDENTITY NUMBER 481008 0492 083, UNMARRIED IN RESPECT OF ERF 4748, KWAKWATSI EXTENSION 3, DISTRICT KOPPIES, FREE STATE PROVINCE WHICH HAS BEEN LOST OR DESTROYED. APPLICANT: DR MOTSI, ERF 4748, KWAKWATSI.

20. DEED OF TRANSFER NO. T16259/2005 PASSED IN FAVOUR OF MAMOSIUOA SOPHIA MOGADINYANE, IDENTITY NUMBER 690717 0507 089, UNMARRIED, IN RESPECT OF ERF 4788, KWAKWATSI EXTENSION 3, DISTRICT KOPPIES, FREE STATE PROVINCE WHICH HAS BEEN LOST OR DESTROYED. APPLICANT: MS MOGADINYANE, ERF 4788, KWAKWATSI.

ALL INTERESTED PERSONS HAVING OBJECTION TO THE ISSUE OF SUCH COPIES ARE HEREBY REQUIRED TO LODGE THE SAME IN WRITING WITH THE REGISTRAR OF DEEDS AT BLOEMFONTEIN WITHIN TWO WEEKS FROM THE DATE OF THE PUBLICATION OF THIS NOTICE.

DATED AT PARYS THIS ___ DAY OF MAY 2020.

DU TOIT MANDELSTAM ATTORNEYS
63 DOLF STREET, PARYS
9585
mc@dmainc.co.za
CONTACT NUMBER: 056 811 2181
KENNISGEWINGS • NOTICES
